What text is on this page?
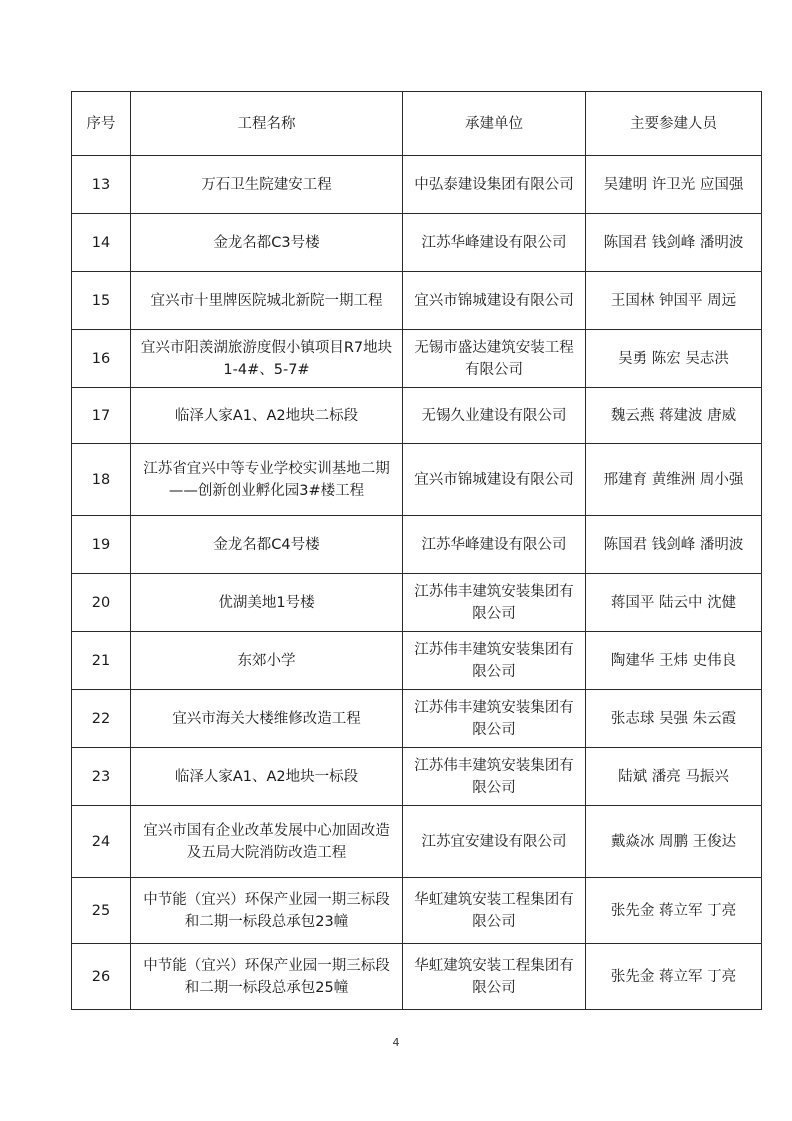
序号	工程名称	承建单位	主要参建人员
13	万石卫生院建安工程	中弘泰建设集团有限公司	吴建明 许卫光 应国强
14	金龙名都C3号楼	江苏华峰建设有限公司	陈国君 钱剑峰 潘明波
15	宜兴市十里牌医院城北新院一期工程	宜兴市锦城建设有限公司	王国林 钟国平 周远
16	宜兴市阳羡湖旅游度假小镇项目R7地块1-4#、5-7#	无锡市盛达建筑安装工程有限公司	吴勇 陈宏 吴志洪
17	临泽人家A1、A2地块二标段	无锡久业建设有限公司	魏云燕 蒋建波 唐威
18	江苏省宜兴中等专业学校实训基地二期——创新创业孵化园3#楼工程	宜兴市锦城建设有限公司	邢建育 黄维洲 周小强
19	金龙名都C4号楼	江苏华峰建设有限公司	陈国君 钱剑峰 潘明波
20	优湖美地1号楼	江苏伟丰建筑安装集团有限公司	蒋国平 陆云中 沈健
21	东郊小学	江苏伟丰建筑安装集团有限公司	陶建华 王炜 史伟良
22	宜兴市海关大楼维修改造工程	江苏伟丰建筑安装集团有限公司	张志球 吴强 朱云霞
23	临泽人家A1、A2地块一标段	江苏伟丰建筑安装集团有限公司	陆斌 潘亮 马振兴
24	宜兴市国有企业改革发展中心加固改造及五局大院消防改造工程	江苏宜安建设有限公司	戴焱冰 周鹏 王俊达
25	中节能（宜兴）环保产业园一期三标段和二期一标段总承包23幢	华虹建筑安装工程集团有限公司	张先金 蒋立军 丁亮
26	中节能（宜兴）环保产业园一期三标段和二期一标段总承包25幢	华虹建筑安装工程集团有限公司	张先金 蒋立军 丁亮
4
